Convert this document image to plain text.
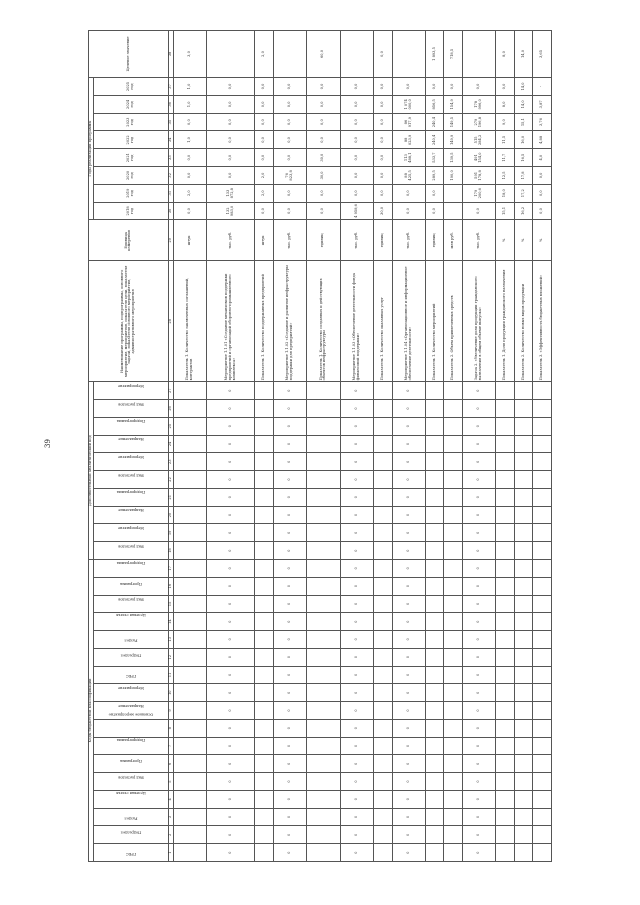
39
Коды бюджетной классификации																	Дополнительный аналитический код										Наименование программы, подпрограммы, основного мероприятия, мероприятия, показателя цели, показателя задачи, показателя основного мероприятия, административного мероприятия	Единица измерения	Годы реализации программы								Целевое значение
ГРБС	Подраздел	Раздел	Целевая статья	Вид расходов	Программа	Подпрограмма	Основное мероприятие	Направление	Мероприятие	ГРБС	Подраздел	Раздел	Целевая статья	Вид расходов	Программа	Подпрограмма	Вид расходов	Мероприятие	Направление	Подпрограмма	Вид расходов	Мероприятие	Направление	Подпрограмма	Вид расходов	Мероприятие			2018 год	2019 год	2020 год	2021 год	2022 год	2023 год	2024 год	2025 год	
1	2	3	4	5	6	7	8	9	10	11	12	13	14	15	16	17	18	19	20	21	22	23	24	25	26	27	28	29	30	31	32	33	34	35	36	37	38
																											Показатель 1. Количество заключенных соглашений, контрактов	штук	0,0	2,0	0,0	0,0	1,0	0,0	1,0	1,0	3,0
0	0	0	0	0	0	0	0	0	0	0	0	0	0	0	0	0	0	0	0	0	0	0	0	0	0	0	Мероприятие 1.1.01 «Создание механизмов поддержки предприятий и организаций оборонно-промышленного комплекса»	тыс. руб.	132 983,0	133 872,8	0,0	0,0	0,0	0,0	0,0	0,0	
																											Показатель 1. Количество поддержанных предприятий	штук	0,0	2,0	2,0	0,0	0,0	0,0	0,0	0,0	2,0
0	0	0	0	0	0	0	0	0	0	0	0	0	0	0	0	0	0	0	0	0	0	0	0	0	0	0	Мероприятие 1.1.02 «Создание и развитие инфраструктуры поддержки для предприятий»	тыс. руб.	0,0	0,0	76 823,8	0,0	0,0	0,0	0,0	0,0	
																											Показатель 1. Количество созданных и действующих объектов инфраструктуры	единиц	0,0	0,0	30,0	30,0	0,0	0,0	0,0	0,0	60,0
0	0	0	0	0	0	0	0	0	0	0	0	0	0	0	0	0	0	0	0	0	0	0	0	0	0	0	Мероприятие 1.1.03 «Обеспечение деятельности фонда финансовой поддержки»	тыс. руб.	4 958,6	0,0	0,0	0,0	0,0	0,0	0,0	0,0	
																											Показатель 1. Количество оказанных услуг	единиц	30,0	0,0	0,0	0,0	0,0	0,0	0,0	0,0	0,0
0	0	0	0	0	0	0	0	0	0	0	0	0	0	0	0	0	0	0	0	0	0	0	0	0	0	0	Мероприятие 1.1.04 «Организационное и информационное обеспечение деятельности»	тыс. руб.	0,0	0,0	88 425,5	113 488,1	88 023,9	86 917,9	1 074 000,0	0,0	
																											Показатель 1. Количество мероприятий	единиц	0,0	0,0	289,5	533,7	240,4	240,4	856,5	0,0	1 893,5
																											Показатель 2. Объем привлеченных средств	млн руб.			190,0	139,5	149,9	149,5	154,9	0,0	718,5
0	0	0	0	0	0	0	0	0	0	0	0	0	0	0	0	0	0	0	0	0	0	0	0	0	0	0	Задача 2. «Увеличение доли продукции гражданского назначения в общем объеме выпуска»	тыс. руб.	0,0	179 200,6	591 178,8	491 154,0	515 284,2	279 196,8	178 996,0	0,0	
																											Показатель 1. Доля продукции гражданского назначения	%	15,1	18,0	12,5	11,7	11,5	9,0	8,0	0,0	8,0
																											Показатель 2. Количество новых видов продукции	%	16,2	17,2	17,8	16,5	16,0	15,1	14,0	14,0	14,0
																											Показатель 3. «Эффективность бюджетных вложений»	%	0,0	0,0	0,0	4,0	4,88	3,76	3,87	-	3,65
